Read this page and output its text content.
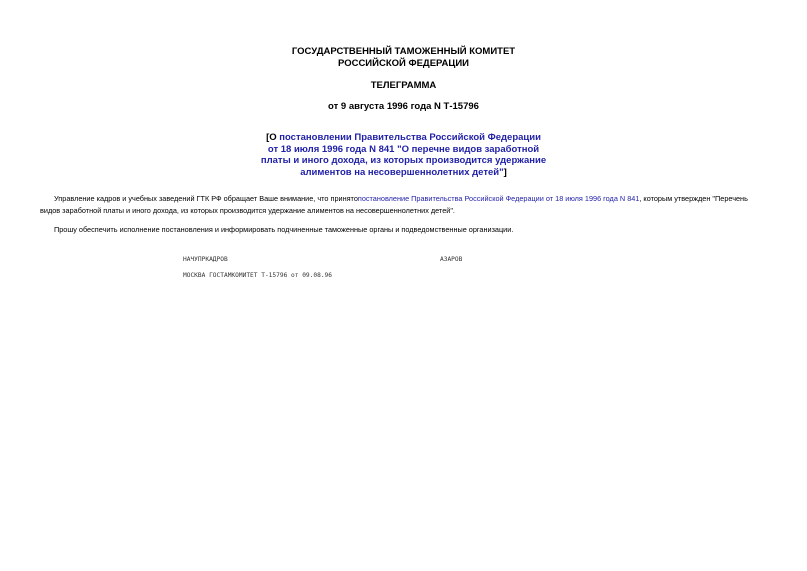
ГОСУДАРСТВЕННЫЙ ТАМОЖЕННЫЙ КОМИТЕТ
РОССИЙСКОЙ ФЕДЕРАЦИИ
ТЕЛЕГРАММА
от 9 августа 1996 года N Т-15796
[О постановлении Правительства Российской Федерации
от 18 июля 1996 года N 841 "О перечне видов заработной
платы и иного дохода, из которых производится удержание
алиментов на несовершеннолетних детей"]
Управление кадров и учебных заведений ГТК РФ обращает Ваше внимание, что принятопостановление Правительства Российской Федерации от 18 июля 1996 года N 841, которым утвержден "Перечень видов заработной платы и иного дохода, из которых производится удержание алиментов на несовершеннолетних детей".
Прошу обеспечить исполнение постановления и информировать подчиненные таможенные органы и подведомственные организации.
НАЧУПРКАДРОВ	АЗАРОВ
МОСКВА ГОСТАМКОМИТЕТ Т-15796 от 09.08.96
